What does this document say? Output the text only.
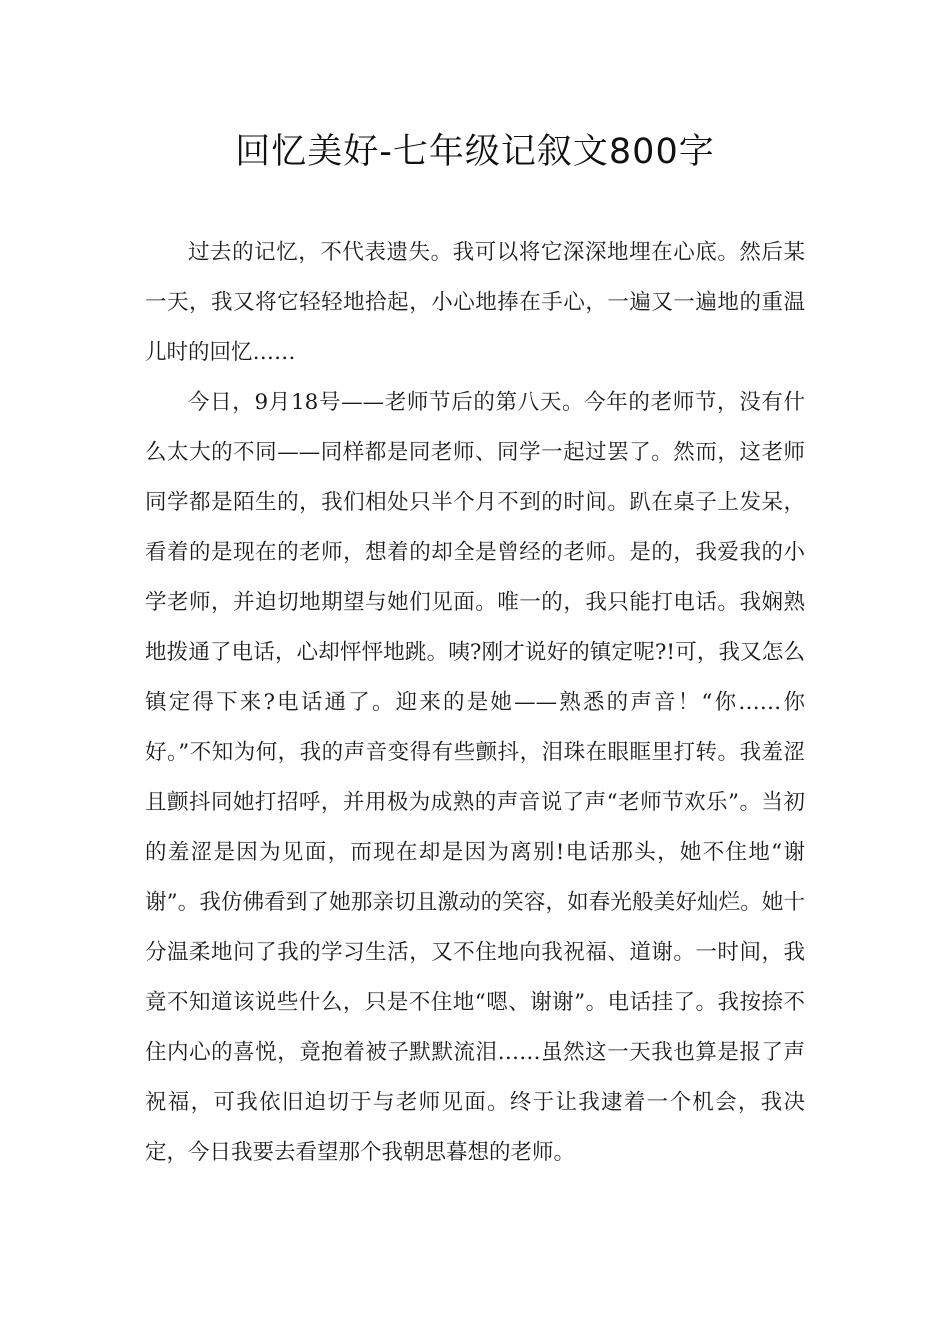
回忆美好-七年级记叙文800字

过去的记忆，不代表遗失。我可以将它深深地埋在心底。然后某一天，我又将它轻轻地拾起，小心地捧在手心，一遍又一遍地的重温儿时的回忆……

今日，9月18号——老师节后的第八天。今年的老师节，没有什么太大的不同——同样都是同老师、同学一起过罢了。然而，这老师同学都是陌生的，我们相处只半个月不到的时间。趴在桌子上发呆，看着的是现在的老师，想着的却全是曾经的老师。是的，我爱我的小学老师，并迫切地期望与她们见面。唯一的，我只能打电话。我娴熟地拨通了电话，心却怦怦地跳。咦?刚才说好的镇定呢?!可，我又怎么镇定得下来?电话通了。迎来的是她——熟悉的声音！“你……你好。”不知为何，我的声音变得有些颤抖，泪珠在眼眶里打转。我羞涩且颤抖同她打招呼，并用极为成熟的声音说了声“老师节欢乐”。当初的羞涩是因为见面，而现在却是因为离别!电话那头，她不住地“谢谢”。我仿佛看到了她那亲切且激动的笑容，如春光般美好灿烂。她十分温柔地问了我的学习生活，又不住地向我祝福、道谢。一时间，我竟不知道该说些什么，只是不住地“嗯、谢谢”。电话挂了。我按捺不住内心的喜悦，竟抱着被子默默流泪……虽然这一天我也算是报了声祝福，可我依旧迫切于与老师见面。终于让我逮着一个机会，我决定，今日我要去看望那个我朝思暮想的老师。
